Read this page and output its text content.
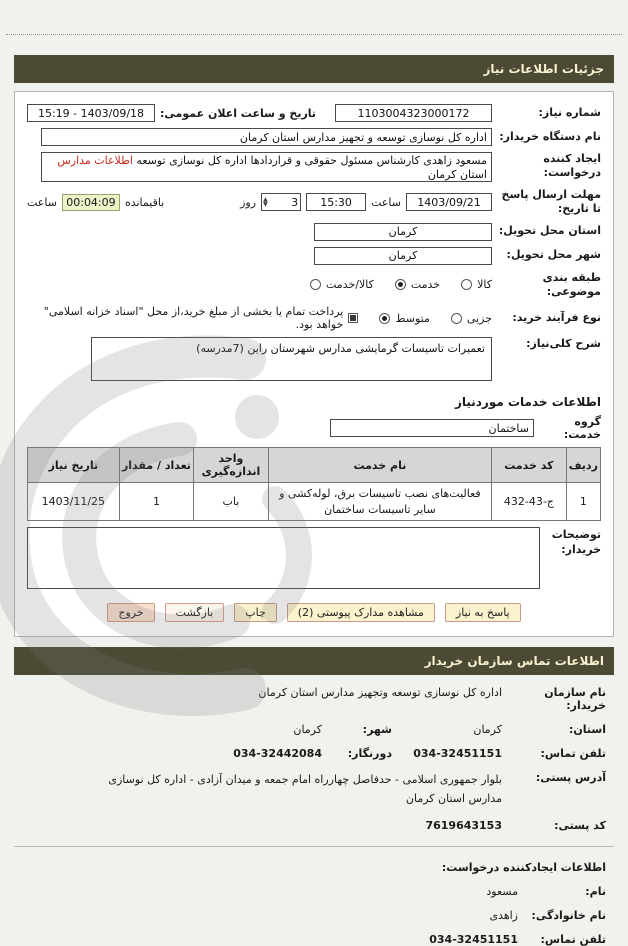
جزئیات اطلاعات نیاز
شماره نیاز:
1103004323000172
تاریخ و ساعت اعلان عمومی:
1403/09/18 - 15:19
نام دستگاه خریدار:
اداره کل نوسازی توسعه و تجهیز مدارس استان کرمان
ایجاد کننده درخواست:
مسعود زاهدی کارشناس مسئول حقوقی و قراردادها اداره کل نوسازی توسعه اطلاعات مدارس استان کرمان
مهلت ارسال پاسخ تا تاریخ:
1403/09/21
ساعت
15:30
3
▲
▼
روز
باقیمانده
00:04:09
ساعت
استان محل تحویل:
کرمان
شهر محل تحویل:
کرمان
طبقه بندی موضوعی:
کالا
خدمت
کالا/خدمت
نوع فرآیند خرید:
جزيی
متوسط
پرداخت تمام یا بخشی از مبلغ خرید،از محل "اسناد خزانه اسلامی" خواهد بود.
شرح کلی‌نیاز:
تعمیرات تاسیسات گرمایشی مدارس شهرستان راین (7مدرسه)
اطلاعات خدمات موردنیاز
گروه خدمت:
ساختمان
ردیف	کد خدمت	نام خدمت	واحد اندازه‌گیری	تعداد / مقدار	تاریخ نیاز
1	ج-43-432	فعالیت‌های نصب تاسیسات برق، لوله‌کشی و سایر تاسیسات ساختمان	باب	1	1403/11/25
توضیحات خریدار:
پاسخ به نیاز
مشاهده مدارک پیوستی (2)
چاپ
بازگشت
خروج
اطلاعات تماس سازمان خریدار
نام سازمان خریدار:
اداره کل نوسازی توسعه وتجهیز مدارس استان کرمان
استان:
کرمان
شهر:
کرمان
تلفن تماس:
034-32451151
دورنگار:
034-32442084
آدرس پستی:
بلوار جمهوری اسلامی - حدفاصل چهارراه امام جمعه و میدان آزادی - اداره کل نوسازی مدارس استان کرمان
کد پستی:
7619643153
اطلاعات ایجادکننده درخواست:
نام:
مسعود
نام خانوادگی:
زاهدی
تلفن تماس:
034-32451151
